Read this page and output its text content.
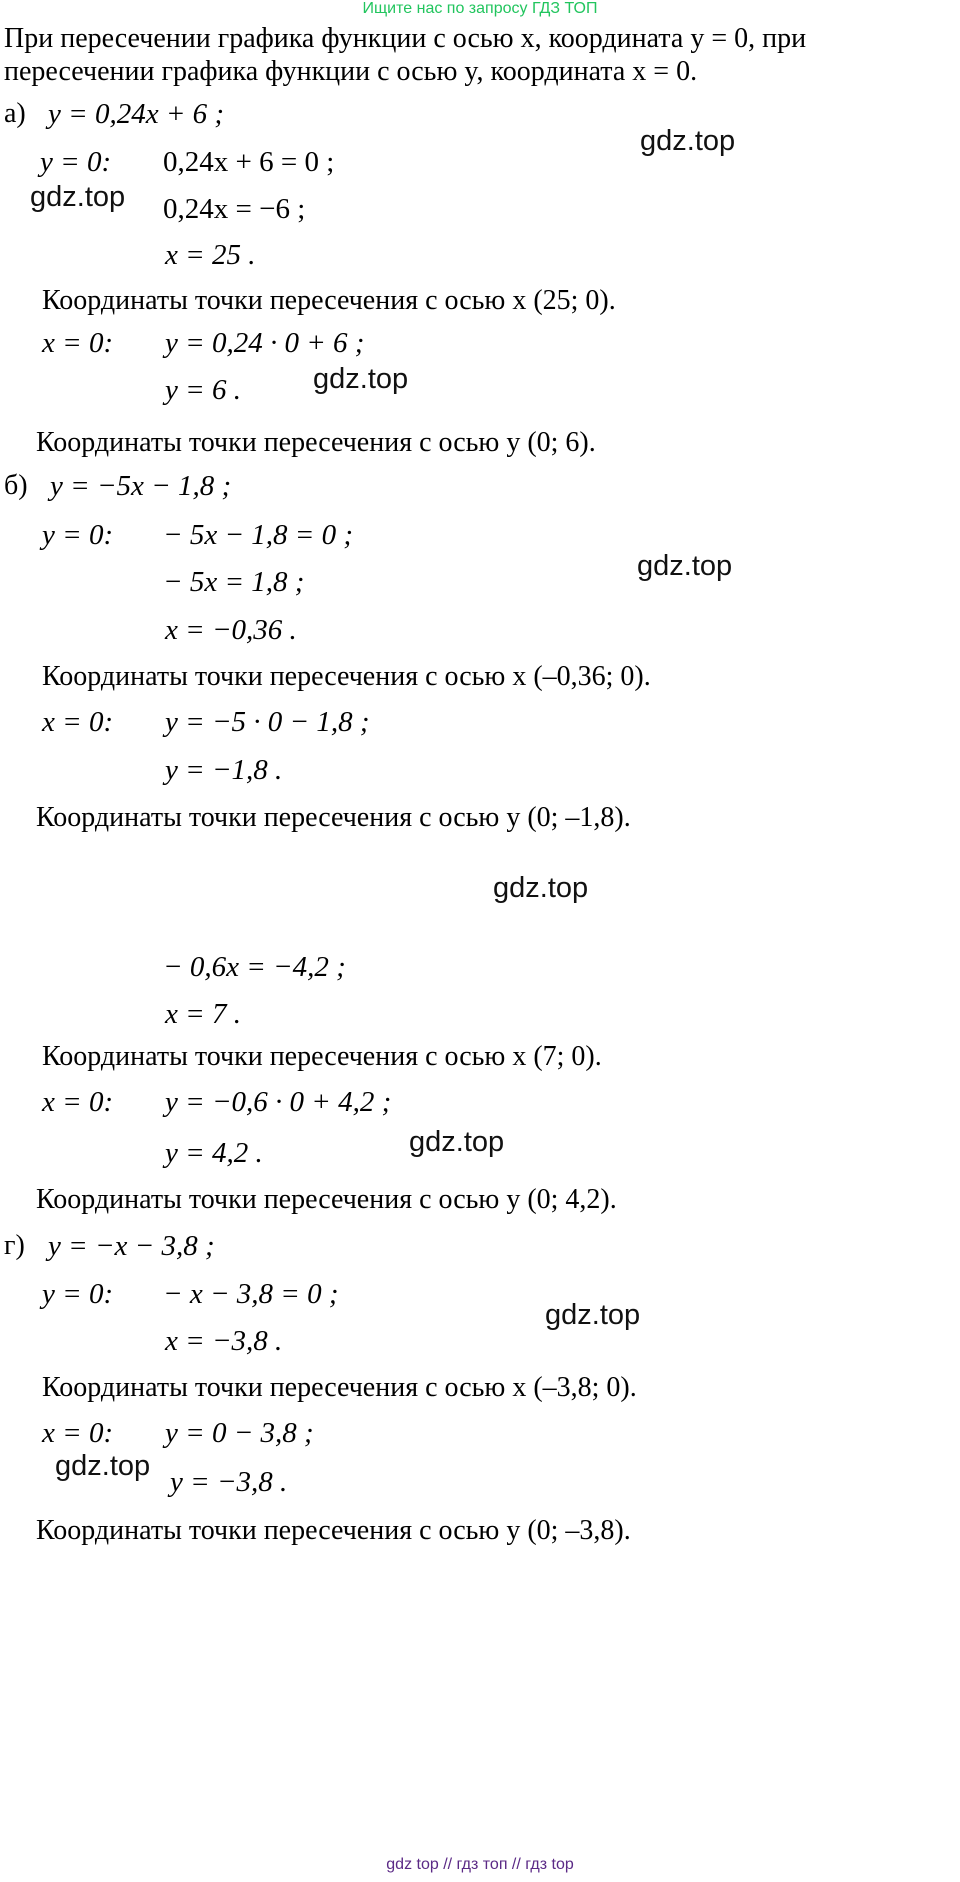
Ищите нас по запросу ГДЗ ТОП
При пересечении графика функции с осью x, координата y = 0, при
пересечении графика функции с осью y, координата x = 0.
а) y = 0,24x + 6 ;
gdz.top
y = 0: 0,24x + 6 = 0 ;
gdz.top 0,24x = −6 ;
x = 25 .
Координаты точки пересечения с осью x (25; 0).
x = 0: y = 0,24 · 0 + 6 ;
gdz.top
y = 6 .
Координаты точки пересечения с осью y (0; 6).
б) y = −5x − 1,8 ;
y = 0: − 5x − 1,8 = 0 ;
gdz.top
− 5x = 1,8 ;
x = −0,36 .
Координаты точки пересечения с осью x (–0,36; 0).
x = 0: y = −5 · 0 − 1,8 ;
y = −1,8 .
Координаты точки пересечения с осью y (0; –1,8).
gdz.top
− 0,6x = −4,2 ;
x = 7 .
Координаты точки пересечения с осью x (7; 0).
x = 0: y = −0,6 · 0 + 4,2 ;
gdz.top
y = 4,2 .
Координаты точки пересечения с осью y (0; 4,2).
г) y = −x − 3,8 ;
y = 0: − x − 3,8 = 0 ;
gdz.top
x = −3,8 .
Координаты точки пересечения с осью x (–3,8; 0).
x = 0: y = 0 − 3,8 ;
gdz.top y = −3,8 .
Координаты точки пересечения с осью y (0; –3,8).
gdz top // гдз топ // гдз top
